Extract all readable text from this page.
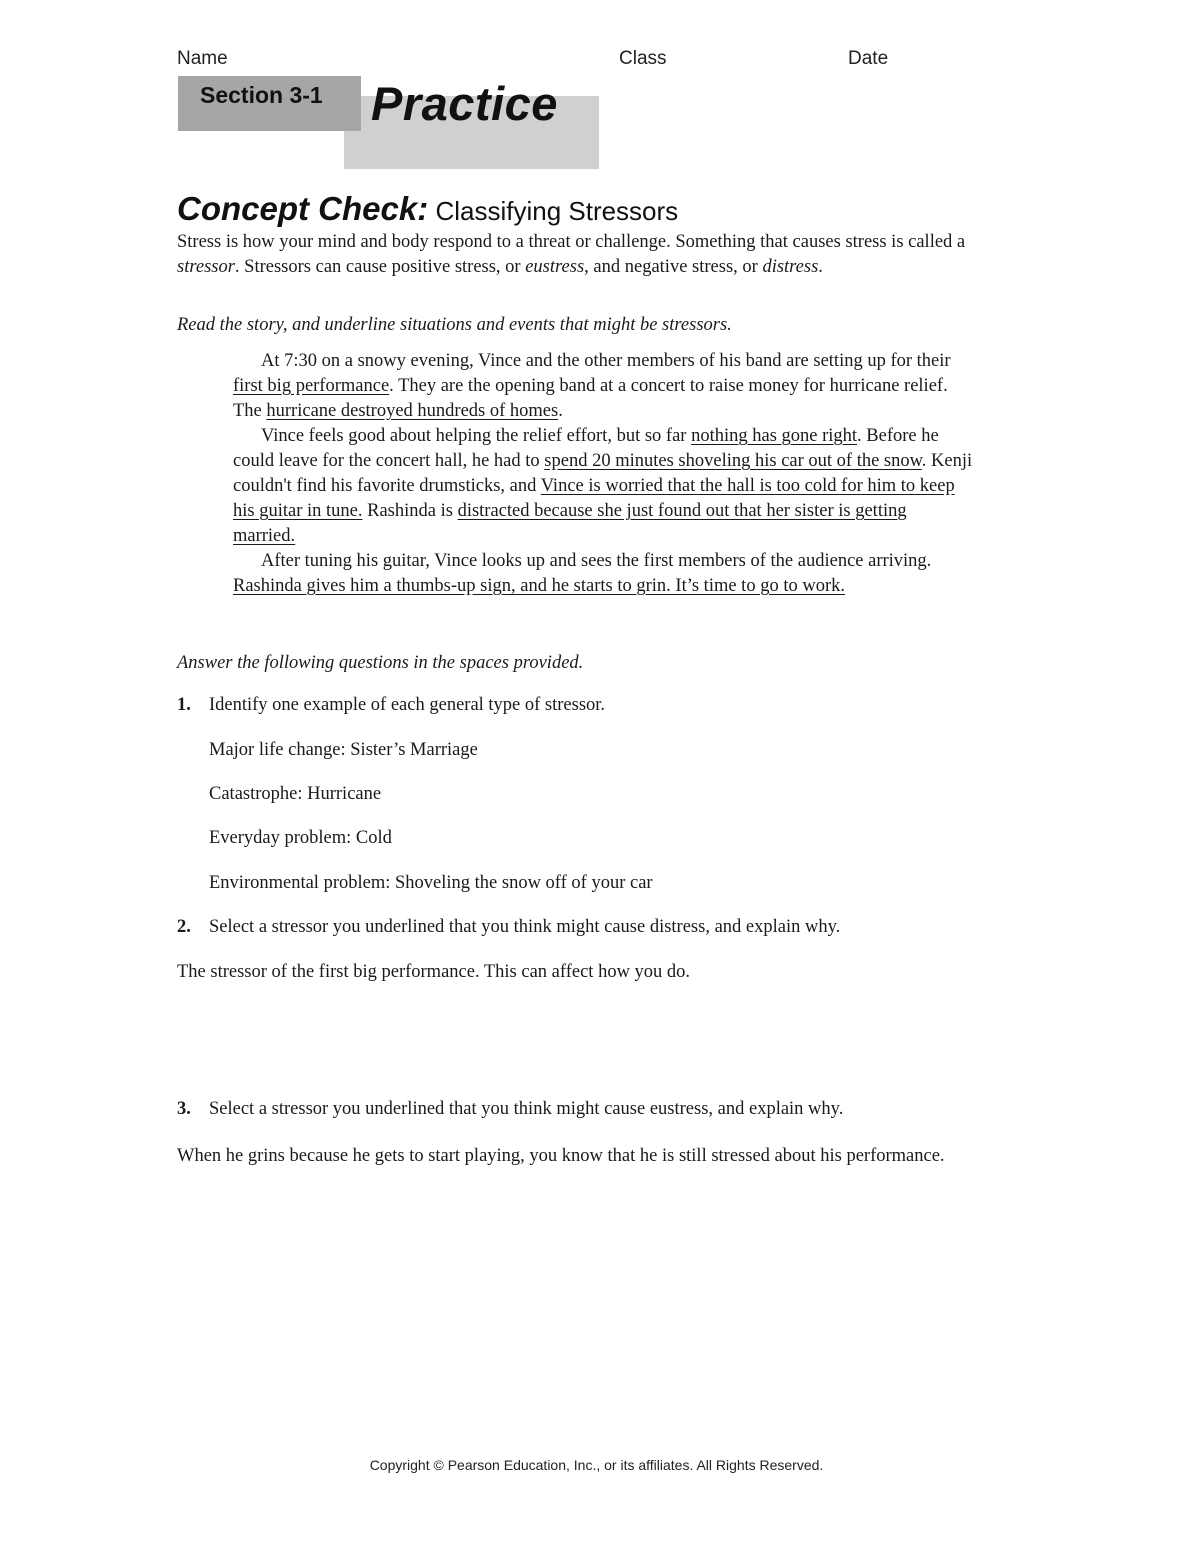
Name	Class	Date
Section 3-1 Practice
Concept Check: Classifying Stressors
Stress is how your mind and body respond to a threat or challenge. Something that causes stress is called a stressor. Stressors can cause positive stress, or eustress, and negative stress, or distress.
Read the story, and underline situations and events that might be stressors.

At 7:30 on a snowy evening, Vince and the other members of his band are setting up for their first big performance. They are the opening band at a concert to raise money for hurricane relief. The hurricane destroyed hundreds of homes.

Vince feels good about helping the relief effort, but so far nothing has gone right. Before he could leave for the concert hall, he had to spend 20 minutes shoveling his car out of the snow. Kenji couldn't find his favorite drumsticks, and Vince is worried that the hall is too cold for him to keep his guitar in tune. Rashinda is distracted because she just found out that her sister is getting married.

After tuning his guitar, Vince looks up and sees the first members of the audience arriving. Rashinda gives him a thumbs-up sign, and he starts to grin. It’s time to go to work.

Answer the following questions in the spaces provided.
1. Identify one example of each general type of stressor.
Major life change: Sister’s Marriage
Catastrophe: Hurricane
Everyday problem: Cold
Environmental problem: Shoveling the snow off of your car
2. Select a stressor you underlined that you think might cause distress, and explain why.
The stressor of the first big performance. This can affect how you do.
3. Select a stressor you underlined that you think might cause eustress, and explain why.
When he grins because he gets to start playing, you know that he is still stressed about his performance.
Copyright © Pearson Education, Inc., or its affiliates. All Rights Reserved.
